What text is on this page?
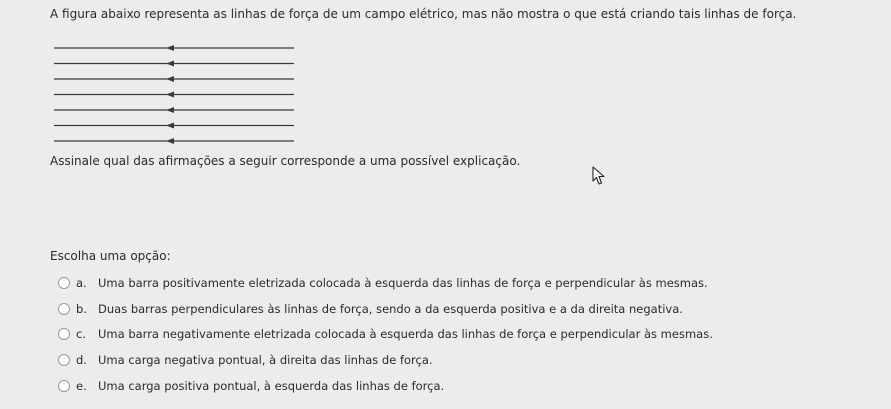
A figura abaixo representa as linhas de força de um campo elétrico, mas não mostra o que está criando tais linhas de força.
Assinale qual das afirmações a seguir corresponde a uma possível explicação.
Escolha uma opção:
a. Uma barra positivamente eletrizada colocada à esquerda das linhas de força e perpendicular às mesmas.
b. Duas barras perpendiculares às linhas de força, sendo a da esquerda positiva e a da direita negativa.
c.	Uma barra negativamente eletrizada colocada à esquerda das linhas de força e perpendicular às mesmas.
d. Uma carga negativa pontual, à direita das linhas de força.
e. Uma carga positiva pontual, à esquerda das linhas de força.
